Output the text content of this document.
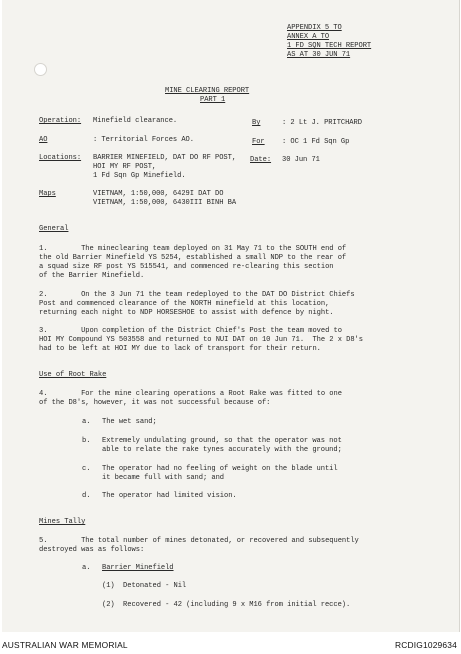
APPENDIX 5 TO
ANNEX A TO
1 FD SQN TECH REPORT
AS AT 30 JUN 71
MINE CLEARING REPORT
PART 1
Operation: Minefield clearance.	By	: 2 Lt J. PRITCHARD
AO	: Territorial Forces AO.	For : OC 1 Fd Sqn Gp
Locations: BARRIER MINEFIELD, DAT DO RF POST,
HOI MY RF POST,
1 Fd Sqn Gp Minefield.
Date: 30 Jun 71
Maps	VIETNAM, 1:50,000, 6429I DAT DO
VIETNAM, 1:50,000, 6430III BINH BA
General
1.        The mineclearing team deployed on 31 May 71 to the SOUTH end of
the old Barrier Minefield YS 5254, established a small NDP to the rear of
a squad size RF post YS 515541, and commenced re-clearing this section
of the Barrier Minefield.
2.        On the 3 Jun 71 the team redeployed to the DAT DO District Chiefs
Post and commenced clearance of the NORTH minefield at this location,
returning each night to NDP HORSESHOE to assist with defence by night.
3.        Upon completion of the District Chief's Post the team moved to
HOI MY Compound YS 503558 and returned to NUI DAT on 10 Jun 71.  The 2 x D8's
had to be left at HOI MY due to lack of transport for their return.
Use of Root Rake
4.        For the mine clearing operations a Root Rake was fitted to one
of the D8's, however, it was not successful because of:
a. The wet sand;
b. Extremely undulating ground, so that the operator was not
able to relate the rake tynes accurately with the ground;
c. The operator had no feeling of weight on the blade until
it became full with sand; and
d. The operator had limited vision.
Mines Tally
5.        The total number of mines detonated, or recovered and subsequently
destroyed was as follows:
a. Barrier Minefield
(1)  Detonated - Nil
(2)  Recovered - 42 (including 9 x M16 from initial recce).
AUSTRALIAN WAR MEMORIAL	RCDIG1029634
